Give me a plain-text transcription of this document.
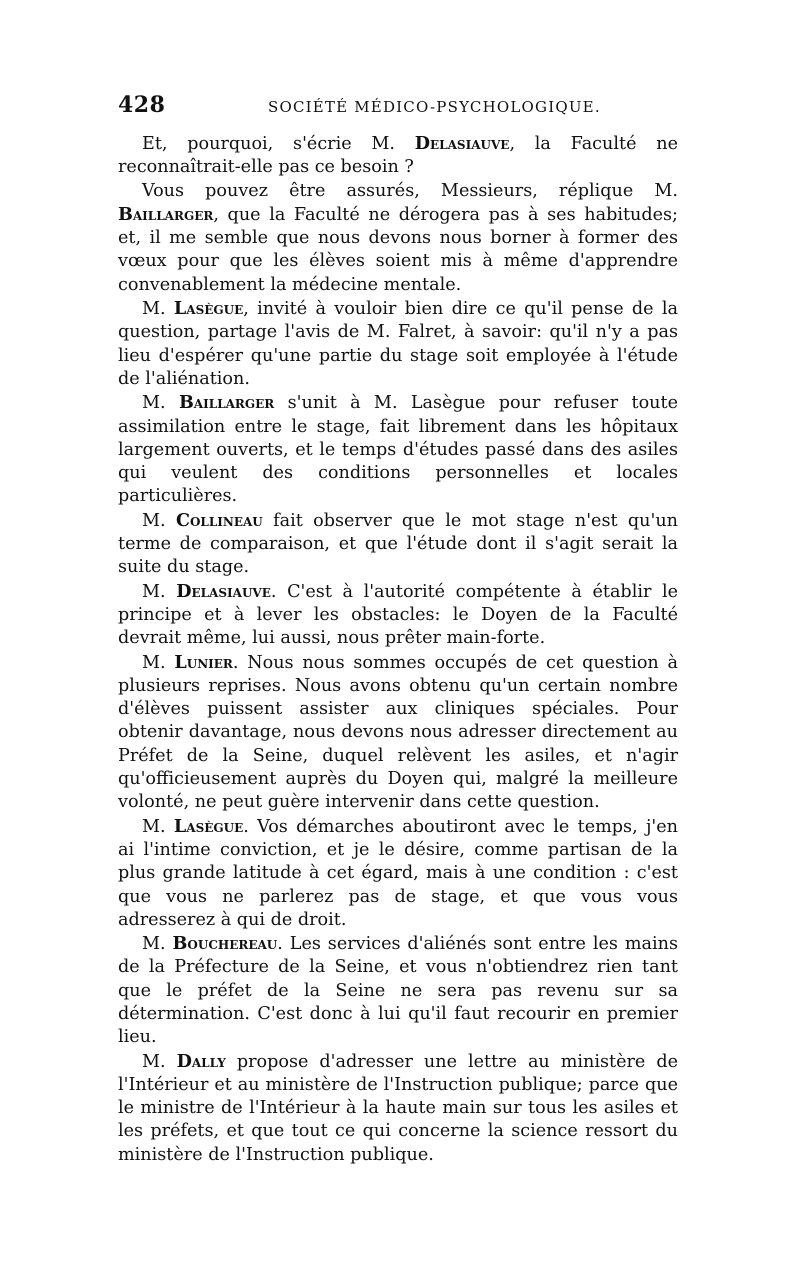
428	SOCIÉTÉ MÉDICO-PSYCHOLOGIQUE.

Et, pourquoi, s'écrie M. Delasiauve, la Faculté ne reconnaîtrait-elle pas ce besoin ?

Vous pouvez être assurés, Messieurs, réplique M. Baillarger, que la Faculté ne dérogera pas à ses habitudes; et, il me semble que nous devons nous borner à former des vœux pour que les élèves soient mis à même d'apprendre convenablement la médecine mentale.

M. Lasègue, invité à vouloir bien dire ce qu'il pense de la question, partage l'avis de M. Falret, à savoir: qu'il n'y a pas lieu d'espérer qu'une partie du stage soit employée à l'étude de l'aliénation.

M. Baillarger s'unit à M. Lasègue pour refuser toute assimilation entre le stage, fait librement dans les hôpitaux largement ouverts, et le temps d'études passé dans des asiles qui veulent des conditions personnelles et locales particulières.

M. Collineau fait observer que le mot stage n'est qu'un terme de comparaison, et que l'étude dont il s'agit serait la suite du stage.

M. Delasiauve. C'est à l'autorité compétente à établir le principe et à lever les obstacles: le Doyen de la Faculté devrait même, lui aussi, nous prêter main-forte.

M. Lunier. Nous nous sommes occupés de cet question à plusieurs reprises. Nous avons obtenu qu'un certain nombre d'élèves puissent assister aux cliniques spéciales. Pour obtenir davantage, nous devons nous adresser directement au Préfet de la Seine, duquel relèvent les asiles, et n'agir qu'officieusement auprès du Doyen qui, malgré la meilleure volonté, ne peut guère intervenir dans cette question.

M. Lasègue. Vos démarches aboutiront avec le temps, j'en ai l'intime conviction, et je le désire, comme partisan de la plus grande latitude à cet égard, mais à une condition : c'est que vous ne parlerez pas de stage, et que vous vous adresserez à qui de droit.

M. Bouchereau. Les services d'aliénés sont entre les mains de la Préfecture de la Seine, et vous n'obtiendrez rien tant que le préfet de la Seine ne sera pas revenu sur sa détermination. C'est donc à lui qu'il faut recourir en premier lieu.

M. Dally propose d'adresser une lettre au ministère de l'Intérieur et au ministère de l'Instruction publique; parce que le ministre de l'Intérieur à la haute main sur tous les asiles et les préfets, et que tout ce qui concerne la science ressort du ministère de l'Instruction publique.
